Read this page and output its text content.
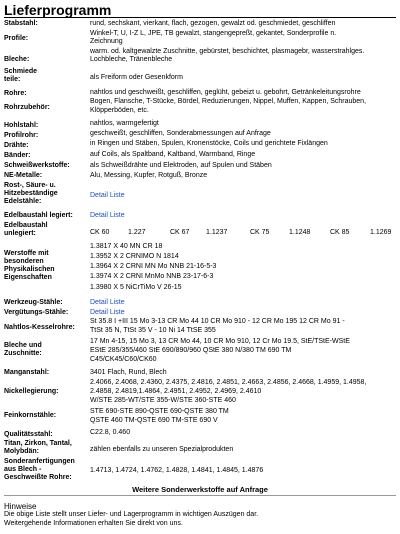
Lieferprogramm
Stabstahl:	rund, sechskant, vierkant, flach, gezogen, gewalzt od. geschmiedet, geschliffen
Profile:
Winkel-T, U, I-Z L, JPE, TB gewalzt, stangengepreßt, gekantet, Sonderprofile n.
Zeichnung
Bleche:
warm. od. kaltgewalzte Zuschnitte, gebürstet, beschichtet, plasmagebr, wasserstrahlges.
Lochbleche, Tränenbleche
Schmiede teile:	als Freiform oder Gesenkform
Rohre:	nahtlos und geschweißt, geschliffen, geglüht, gebeizt u. gebohrt, Getränkeleitungsrohre
Rohrzubehör:
Bogen, Flansche, T-Stücke, Bördel, Reduzierungen, Nippel, Muffen, Kappen, Schrauben,
Klöpperböden, etc.
Hohlstahl:	nahtlos, warmgefertigt
Profilrohr:	geschweißt, geschliffen, Sonderabmessungen auf Anfrage
Drähte:	in Ringen und Stäben, Spulen, Kronenstöcke, Coils und gerichtete Fixlängen
Bänder:	auf Coils, als Spaltband, Kaltband, Warmband, Ringe
Schweißwerkstoffe:	als Schweißdrähte und Elektroden, auf Spulen und Stäben
NE-Metalle:	Alu, Messing, Kupfer, Rotguß, Bronze
Rost-, Säure- u. Hitzebeständige Edelstähle:
Detail Liste
Edelbaustahl legiert: Detail Liste
Edelbaustahl unlegiert:	CK 60	1.227	CK 67 1.1237	CK 75	1.1248	CK 85	1.1269
Werstoffe mit besonderen Physikalischen Eigenschaften
1.3817 X 40 MN CR 18
1.3952 X 2 CRNIMO N 1814
1.3964 X 2 CRNI MN Mo NNB 21-16-5-3
1.3974 X 2 CRNI MnMo NNB 23-17-6-3
1.3980 X 5 NiCrTiMo V 26-15
Werkzeug-Stähle:	Detail Liste
Vergütungs-Stähle:	Detail Liste
Nahtlos-Kesselrohre:
St 35.8 I +III 15 Mo 3-13 CR Mo 44 10 CR Mo 910 - 12 CR Mo 195 12 CR Mo 91 -
TtSt 35 N, TtSt 35 V - 10 Ni 14 TtSE 355
Bleche und Zuschnitte:
17 Mn 4-15, 15 Mo 3, 13 CR Mo 44, 10 CR Mo 910, 12 Cr Mo 19.5, StE/TStE-WStE
EStE 285/355/460 StE 690/890/960 QStE 380 N/380 TM 690 TM
C45/CK45/C60/CK60
Manganstahl:	3401 Flach, Rund, Blech
Nickellegierung:
2.4066, 2.4068, 2.4360, 2.4375, 2.4816, 2.4851, 2.4663, 2.4856, 2.4668, 1.4959, 1.4958,
2.4858, 2.4819,1.4864, 2.4951, 2.4952, 2.4969, 2.4610
W/STE 285-WT/STE 355-W/STE 360-STE 460
Feinkornstähle:
STE 690-STE 890-QSTE 690-QSTE 380 TM
QSTE 460 TM-QSTE 690 TM-STE 690 V
Qualitätsstahl:	C22.8, 0.460
Titan, Zirkon, Tantal, Molybdän:	zählen ebenfalls zu unseren Spezialprodukten
Sonderanfertigungen aus Blech - Geschweißte Rohre:
1.4713, 1.4724, 1.4762, 1.4828, 1.4841, 1.4845, 1.4876
Weitere Sonderwerkstoffe auf Anfrage
Hinweise
Die obige Liste stellt unser Liefer- und Lagerprogramm in wichtigen Auszügen dar.
Weitergehende Informationen erhalten Sie direkt von uns.
